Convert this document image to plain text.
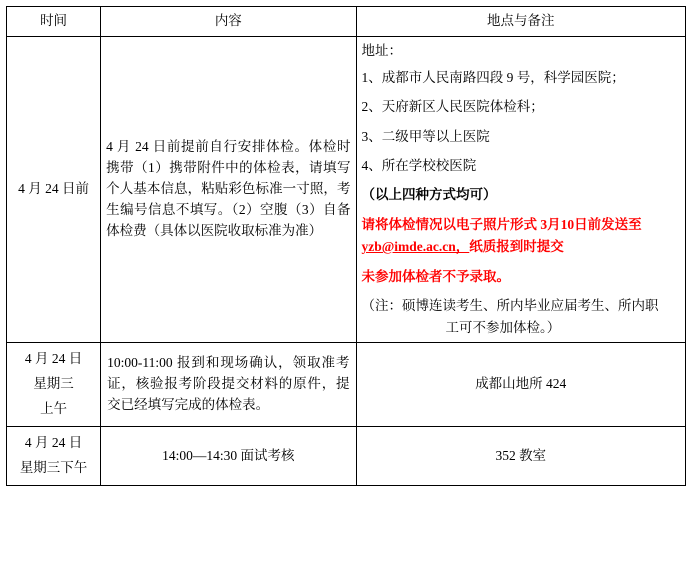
时间	内容	地点与备注
4 月 24 日前	4 月 24 日前提前自行安排体检。体检时携带（1）携带附件中的体检表，请填写个人基本信息，粘贴彩色标准一寸照，考生编号信息不填写。（2）空腹（3）自备体检费（具体以医院收取标准为准）	

地址：

1、成都市人民南路四段 9 号，科学园医院；

2、天府新区人民医院体检科；

3、二级甲等以上医院

4、所在学校校医院

（以上四种方式均可）

请将体检情况以电子照片形式 3月10日前发送至 yzb@imde.ac.cn，纸质报到时提交

未参加体检者不予录取。

（注：硕博连读考生、所内毕业应届考生、所内职

工可不参加体检。）

4 月 24 日
星期三
上午	10:00-11:00 报到和现场确认，领取准考证，核验报考阶段提交材料的原件，提交已经填写完成的体检表。	成都山地所 424

4 月 24 日
星期三下午	14:00—14:30 面试考核	352 教室
